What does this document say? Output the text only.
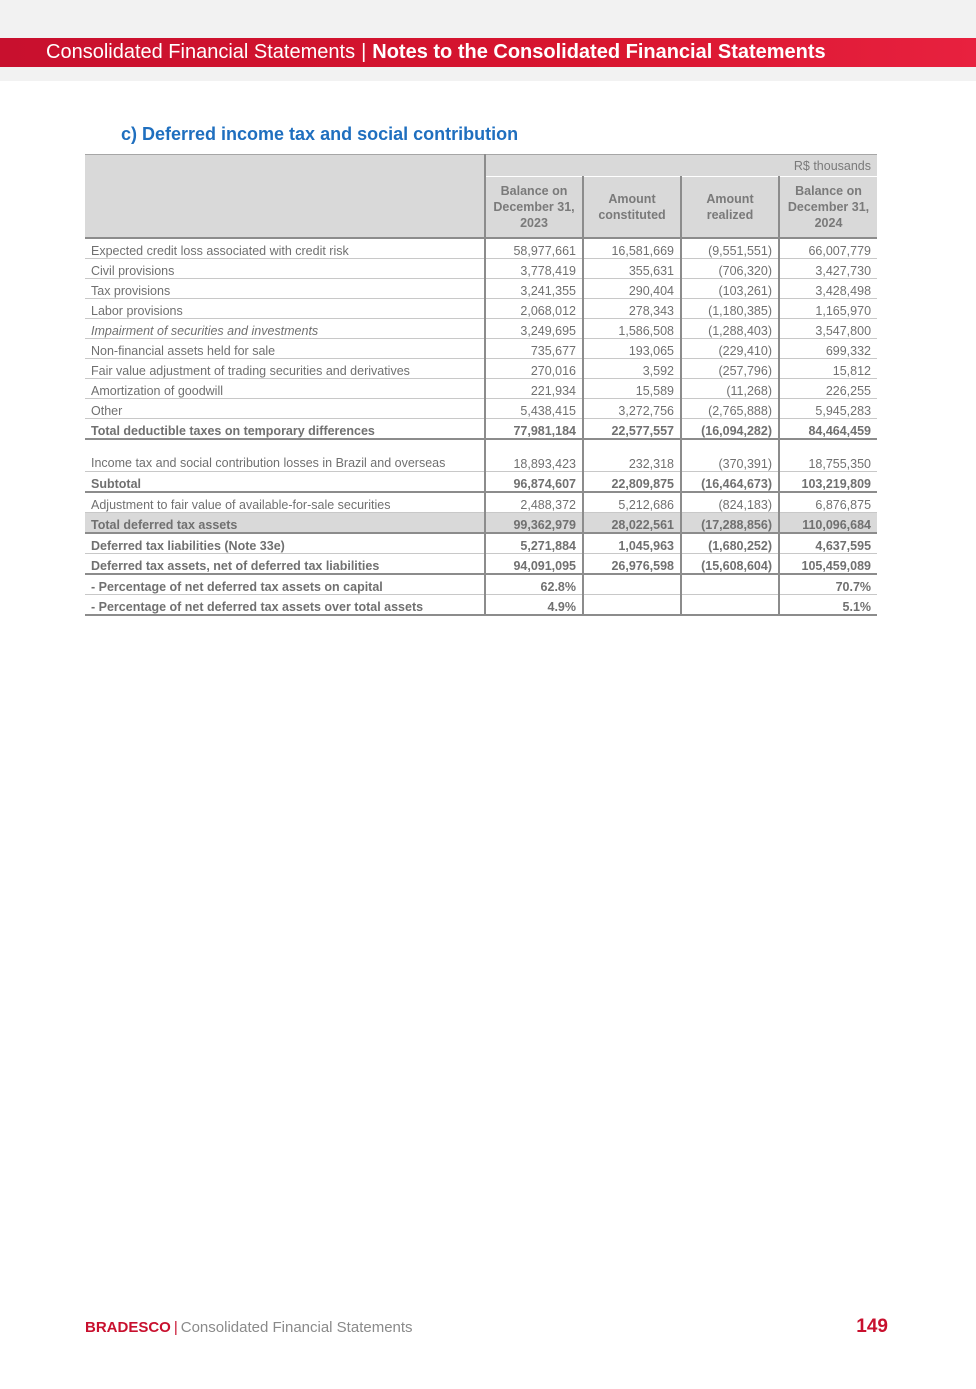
Consolidated Financial Statements | Notes to the Consolidated Financial Statements
c) Deferred income tax and social contribution
	R$ thousands			
	Balance on December 31, 2023	Amount constituted	Amount realized	Balance on December 31, 2024
Expected credit loss associated with credit risk	58,977,661	16,581,669	(9,551,551)	66,007,779
Civil provisions	3,778,419	355,631	(706,320)	3,427,730
Tax provisions	3,241,355	290,404	(103,261)	3,428,498
Labor provisions	2,068,012	278,343	(1,180,385)	1,165,970
Impairment of securities and investments	3,249,695	1,586,508	(1,288,403)	3,547,800
Non-financial assets held for sale	735,677	193,065	(229,410)	699,332
Fair value adjustment of trading securities and derivatives	270,016	3,592	(257,796)	15,812
Amortization of goodwill	221,934	15,589	(11,268)	226,255
Other	5,438,415	3,272,756	(2,765,888)	5,945,283
Total deductible taxes on temporary differences	77,981,184	22,577,557	(16,094,282)	84,464,459
Income tax and social contribution losses in Brazil and overseas	18,893,423	232,318	(370,391)	18,755,350
Subtotal	96,874,607	22,809,875	(16,464,673)	103,219,809
Adjustment to fair value of available-for-sale securities	2,488,372	5,212,686	(824,183)	6,876,875
Total deferred tax assets	99,362,979	28,022,561	(17,288,856)	110,096,684
Deferred tax liabilities (Note 33e)	5,271,884	1,045,963	(1,680,252)	4,637,595
Deferred tax assets, net of deferred tax liabilities	94,091,095	26,976,598	(15,608,604)	105,459,089
- Percentage of net deferred tax assets on capital	62.8%			70.7%
- Percentage of net deferred tax assets over total assets	4.9%			5.1%
BRADESCO | Consolidated Financial Statements	149
